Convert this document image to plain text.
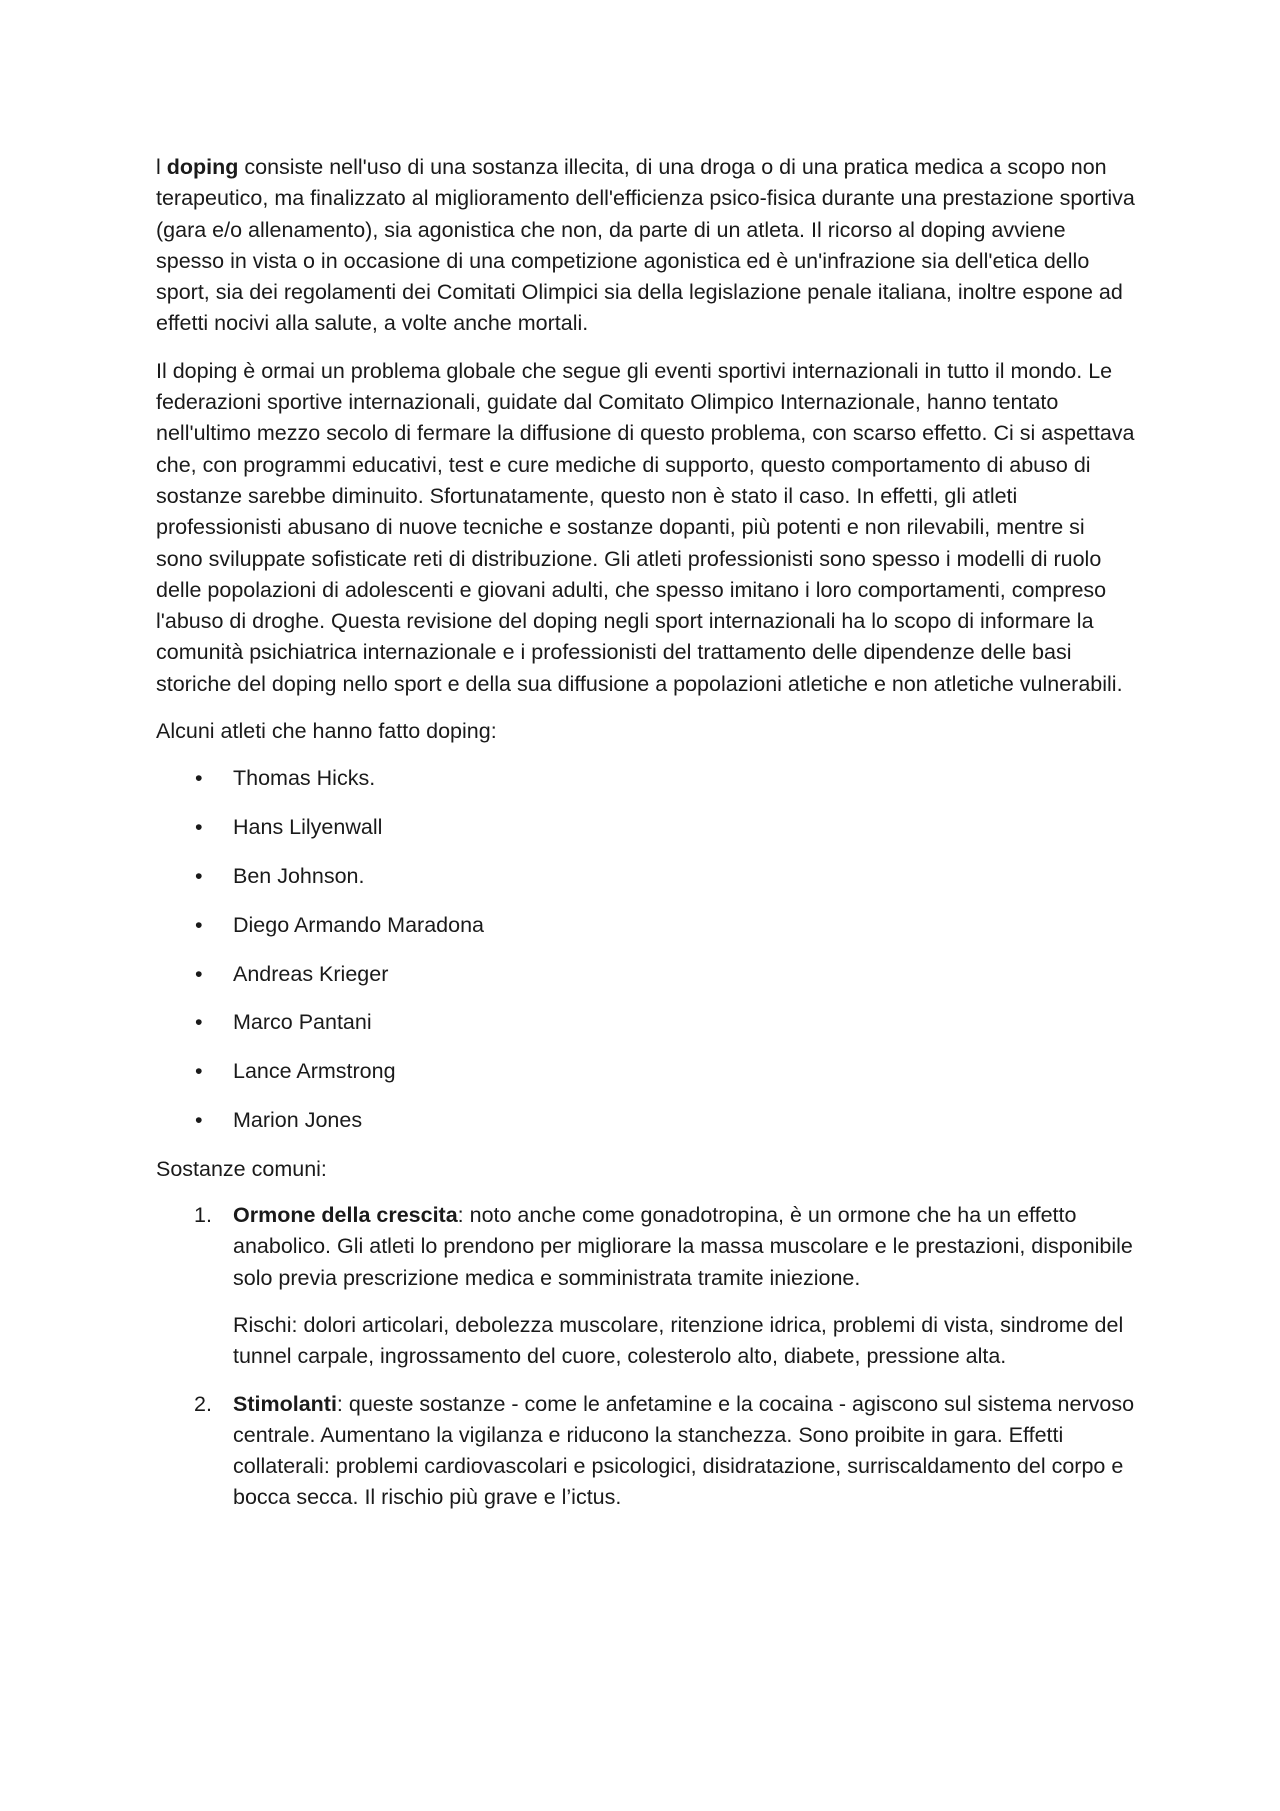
l doping consiste nell'uso di una sostanza illecita, di una droga o di una pratica medica a scopo non terapeutico, ma finalizzato al miglioramento dell'efficienza psico-fisica durante una prestazione sportiva (gara e/o allenamento), sia agonistica che non, da parte di un atleta. Il ricorso al doping avviene spesso in vista o in occasione di una competizione agonistica ed è un'infrazione sia dell'etica dello sport, sia dei regolamenti dei Comitati Olimpici sia della legislazione penale italiana, inoltre espone ad effetti nocivi alla salute, a volte anche mortali.

Il doping è ormai un problema globale che segue gli eventi sportivi internazionali in tutto il mondo. Le federazioni sportive internazionali, guidate dal Comitato Olimpico Internazionale, hanno tentato nell'ultimo mezzo secolo di fermare la diffusione di questo problema, con scarso effetto. Ci si aspettava che, con programmi educativi, test e cure mediche di supporto, questo comportamento di abuso di sostanze sarebbe diminuito. Sfortunatamente, questo non è stato il caso. In effetti, gli atleti professionisti abusano di nuove tecniche e sostanze dopanti, più potenti e non rilevabili, mentre si sono sviluppate sofisticate reti di distribuzione. Gli atleti professionisti sono spesso i modelli di ruolo delle popolazioni di adolescenti e giovani adulti, che spesso imitano i loro comportamenti, compreso l'abuso di droghe. Questa revisione del doping negli sport internazionali ha lo scopo di informare la comunità psichiatrica internazionale e i professionisti del trattamento delle dipendenze delle basi storiche del doping nello sport e della sua diffusione a popolazioni atletiche e non atletiche vulnerabili.

Alcuni atleti che hanno fatto doping:

• Thomas Hicks.
• Hans Lilyenwall
• Ben Johnson.
• Diego Armando Maradona
• Andreas Krieger
• Marco Pantani
• Lance Armstrong
• Marion Jones

Sostanze comuni:

1. Ormone della crescita: noto anche come gonadotropina, è un ormone che ha un effetto anabolico. Gli atleti lo prendono per migliorare la massa muscolare e le prestazioni, disponibile solo previa prescrizione medica e somministrata tramite iniezione.

Rischi: dolori articolari, debolezza muscolare, ritenzione idrica, problemi di vista, sindrome del tunnel carpale, ingrossamento del cuore, colesterolo alto, diabete, pressione alta.

2. Stimolanti: queste sostanze - come le anfetamine e la cocaina - agiscono sul sistema nervoso centrale. Aumentano la vigilanza e riducono la stanchezza. Sono proibite in gara. Effetti collaterali: problemi cardiovascolari e psicologici, disidratazione, surriscaldamento del corpo e bocca secca. Il rischio più grave e l’ictus.
